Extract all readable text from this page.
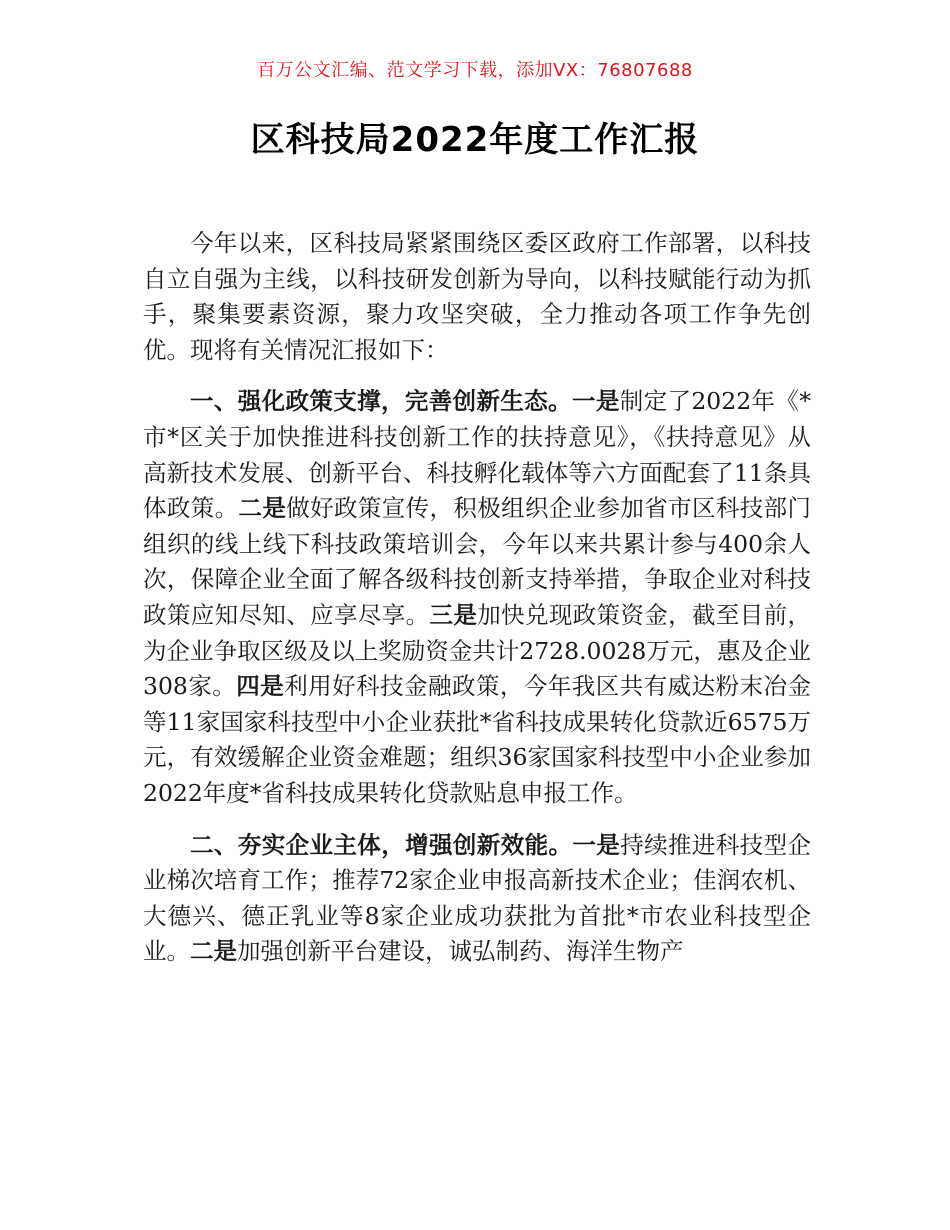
百万公文汇编、范文学习下载，添加VX：76807688
区科技局2022年度工作汇报

今年以来，区科技局紧紧围绕区委区政府工作部署，以科技自立自强为主线，以科技研发创新为导向，以科技赋能行动为抓手，聚集要素资源，聚力攻坚突破，全力推动各项工作争先创优。现将有关情况汇报如下：

一、强化政策支撑，完善创新生态。一是制定了2022年《*市*区关于加快推进科技创新工作的扶持意见》，《扶持意见》从高新技术发展、创新平台、科技孵化载体等六方面配套了11条具体政策。二是做好政策宣传，积极组织企业参加省市区科技部门组织的线上线下科技政策培训会，今年以来共累计参与400余人次，保障企业全面了解各级科技创新支持举措，争取企业对科技政策应知尽知、应享尽享。三是加快兑现政策资金，截至目前，为企业争取区级及以上奖励资金共计2728.0028万元，惠及企业308家。四是利用好科技金融政策，今年我区共有威达粉末冶金等11家国家科技型中小企业获批*省科技成果转化贷款近6575万元，有效缓解企业资金难题；组织36家国家科技型中小企业参加2022年度*省科技成果转化贷款贴息申报工作。

二、夯实企业主体，增强创新效能。一是持续推进科技型企业梯次培育工作；推荐72家企业申报高新技术企业；佳润农机、大德兴、德正乳业等8家企业成功获批为首批*市农业科技型企业。二是加强创新平台建设，诚弘制药、海洋生物产
